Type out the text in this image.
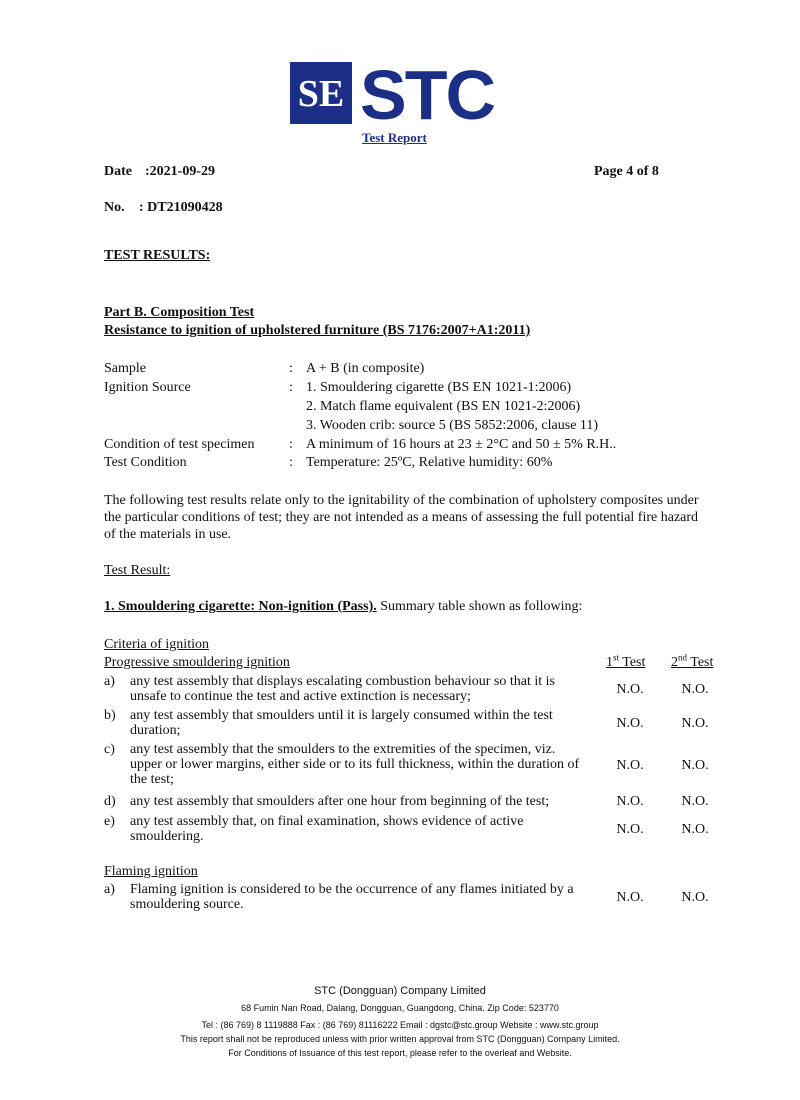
SE STC
Test Report
Date :2021-09-29	Page 4 of 8
No. : DT21090428
TEST RESULTS:
Part B. Composition Test
Resistance to ignition of upholstered furniture (BS 7176:2007+A1:2011)
Sample	: A + B (in composite)
Ignition Source	: 1. Smouldering cigarette (BS EN 1021-1:2006)
2. Match flame equivalent (BS EN 1021-2:2006)
3. Wooden crib: source 5 (BS 5852:2006, clause 11)
Condition of test specimen : A minimum of 16 hours at 23 ± 2°C and 50 ± 5% R.H..
Test Condition	: Temperature: 25ºC, Relative humidity: 60%
The following test results relate only to the ignitability of the combination of upholstery composites under
the particular conditions of test; they are not intended as a means of assessing the full potential fire hazard
of the materials in use.
Test Result:
1. Smouldering cigarette: Non-ignition (Pass). Summary table shown as following:
Criteria of ignition
Progressive smouldering ignition	1st Test 2nd Test
a) any test assembly that displays escalating combustion behaviour so that it is
unsafe to continue the test and active extinction is necessary;	N.O.	N.O.
b) any test assembly that smoulders until it is largely consumed within the test
duration;	N.O.	N.O.
c) any test assembly that the smoulders to the extremities of the specimen, viz.
upper or lower margins, either side or to its full thickness, within the duration of
the test;
N.O.	N.O.
d) any test assembly that smoulders after one hour from beginning of the test;	N.O.	N.O.
e) any test assembly that, on final examination, shows evidence of active
smouldering.	N.O.	N.O.
Flaming ignition
a) Flaming ignition is considered to be the occurrence of any flames initiated by a
smouldering source.	N.O.	N.O.
STC (Dongguan) Company Limited
68 Fumin Nan Road, Dalang, Dongguan, Guangdong, China. Zip Code: 523770
Tel : (86 769) 8 1119888 Fax : (86 769) 81116222 Email : dgstc@stc.group Website : www.stc.group
This report shall not be reproduced unless with prior written approval from STC (Dongguan) Company Limited.
For Conditions of Issuance of this test report, please refer to the overleaf and Website.
